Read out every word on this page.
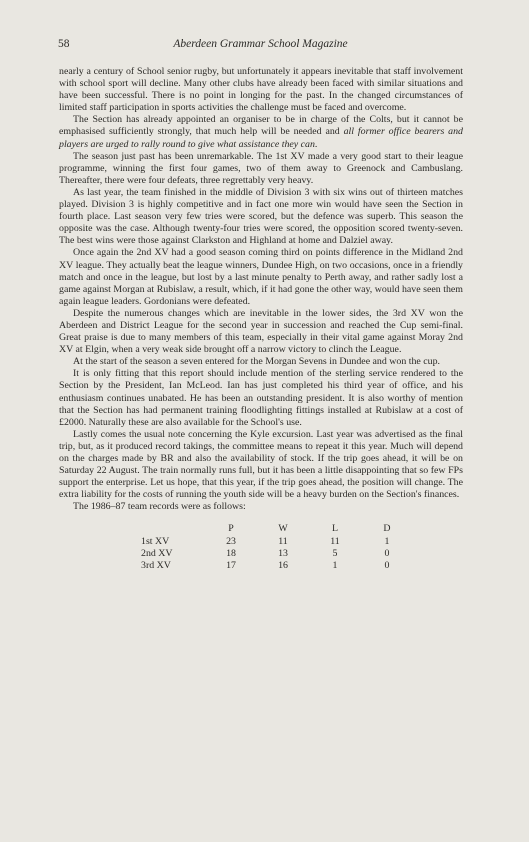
58	Aberdeen Grammar School Magazine

nearly a century of School senior rugby, but unfortunately it appears inevitable that staff involvement with school sport will decline. Many other clubs have already been faced with similar situations and have been successful. There is no point in longing for the past. In the changed circumstances of limited staff participation in sports activities the challenge must be faced and overcome.

The Section has already appointed an organiser to be in charge of the Colts, but it cannot be emphasised sufficiently strongly, that much help will be needed and all former office bearers and players are urged to rally round to give what assistance they can.

The season just past has been unremarkable. The 1st XV made a very good start to their league programme, winning the first four games, two of them away to Greenock and Cambuslang. Thereafter, there were four defeats, three regrettably very heavy.

As last year, the team finished in the middle of Division 3 with six wins out of thirteen matches played. Division 3 is highly competitive and in fact one more win would have seen the Section in fourth place. Last season very few tries were scored, but the defence was superb. This season the opposite was the case. Although twenty-four tries were scored, the opposition scored twenty-seven. The best wins were those against Clarkston and Highland at home and Dalziel away.

Once again the 2nd XV had a good season coming third on points difference in the Midland 2nd XV league. They actually beat the league winners, Dundee High, on two occasions, once in a friendly match and once in the league, but lost by a last minute penalty to Perth away, and rather sadly lost a game against Morgan at Rubislaw, a result, which, if it had gone the other way, would have seen them again league leaders. Gordonians were defeated.

Despite the numerous changes which are inevitable in the lower sides, the 3rd XV won the Aberdeen and District League for the second year in succession and reached the Cup semi-final. Great praise is due to many members of this team, especially in their vital game against Moray 2nd XV at Elgin, when a very weak side brought off a narrow victory to clinch the League.

At the start of the season a seven entered for the Morgan Sevens in Dundee and won the cup.

It is only fitting that this report should include mention of the sterling service rendered to the Section by the President, Ian McLeod. Ian has just completed his third year of office, and his enthusiasm continues unabated. He has been an outstanding president. It is also worthy of mention that the Section has had permanent training floodlighting fittings installed at Rubislaw at a cost of £2000. Naturally these are also available for the School's use.

Lastly comes the usual note concerning the Kyle excursion. Last year was advertised as the final trip, but, as it produced record takings, the committee means to repeat it this year. Much will depend on the charges made by BR and also the availability of stock. If the trip goes ahead, it will be on Saturday 22 August. The train normally runs full, but it has been a little disappointing that so few FPs support the enterprise. Let us hope, that this year, if the trip goes ahead, the position will change. The extra liability for the costs of running the youth side will be a heavy burden on the Section's finances.

The 1986–87 team records were as follows:

	P	W	L	D
1st XV	23	11	11	1
2nd XV	18	13	5	0
3rd XV	17	16	1	0
